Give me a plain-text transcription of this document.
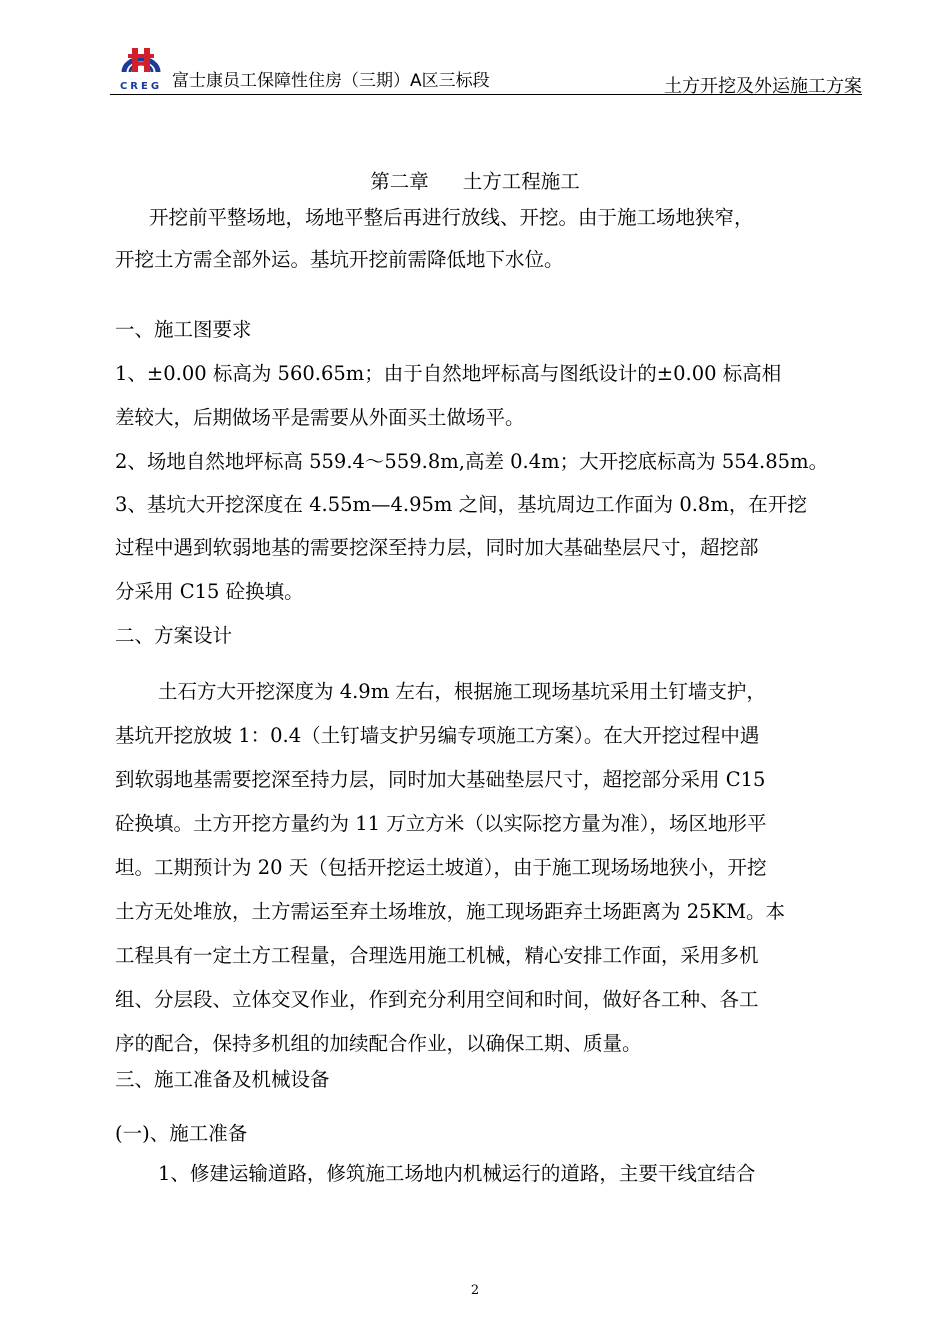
CREG 富士康员工保障性住房（三期）A区三标段	土方开挖及外运施工方案
第二章 土方工程施工
开挖前平整场地，场地平整后再进行放线、开挖。由于施工场地狭窄，
开挖土方需全部外运。基坑开挖前需降低地下水位。
一、施工图要求
1、±0.00 标高为 560.65m；由于自然地坪标高与图纸设计的±0.00 标高相
差较大，后期做场平是需要从外面买土做场平。
2、场地自然地坪标高 559.4～559.8m,高差 0.4m；大开挖底标高为 554.85m。
3、基坑大开挖深度在 4.55m—4.95m 之间，基坑周边工作面为 0.8m，在开挖
过程中遇到软弱地基的需要挖深至持力层，同时加大基础垫层尺寸，超挖部
分采用 C15 砼换填。
二、方案设计
土石方大开挖深度为 4.9m 左右，根据施工现场基坑采用土钉墙支护，
基坑开挖放坡 1：0.4（土钉墙支护另编专项施工方案）。在大开挖过程中遇
到软弱地基需要挖深至持力层，同时加大基础垫层尺寸，超挖部分采用 C15
砼换填。土方开挖方量约为 11 万立方米（以实际挖方量为准），场区地形平
坦。工期预计为 20 天（包括开挖运土坡道），由于施工现场场地狭小，开挖
土方无处堆放，土方需运至弃土场堆放，施工现场距弃土场距离为 25KM。本
工程具有一定土方工程量，合理选用施工机械，精心安排工作面，采用多机
组、分层段、立体交叉作业，作到充分利用空间和时间，做好各工种、各工
序的配合，保持多机组的加续配合作业，以确保工期、质量。
三、施工准备及机械设备
(一)、施工准备
1、修建运输道路，修筑施工场地内机械运行的道路，主要干线宜结合
2
